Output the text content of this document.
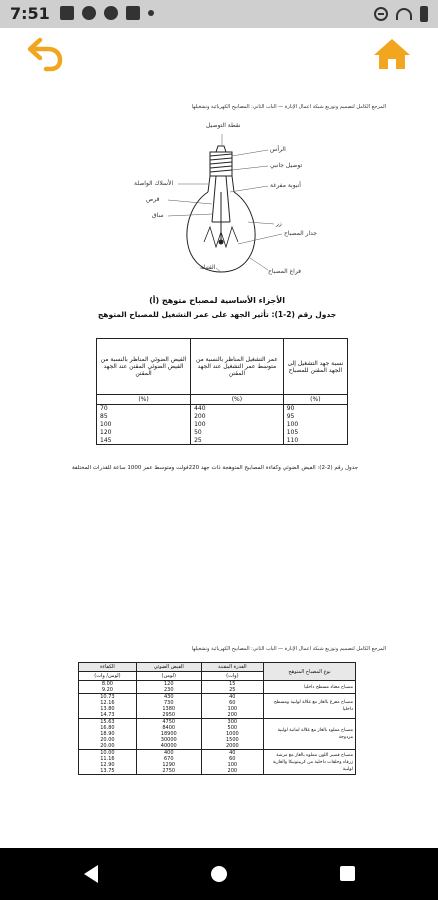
7:51
المرجع الكامل لتصميم وتوزيع شبكة أعمال الإنارة — الباب الثاني: المصابيح الكهربائية وتشغيلها
نقطة التوصيل
الرأس
توصيل جانبي
أنبوبة مفرغة
الأسلاك الواصلة
قرص
ساق
زر
جدار المصباح
الفتيلة
فراغ المصباح
(أ) الأجزاء الأساسية لمصباح متوهج
جدول رقم (2-1): تأثير الجهد على عمر التشغيل للمصباح المتوهج
الفيض الضوئي المناظر بالنسبة من الفيض الضوئي المقنن عند الجهد المقنن	عمر التشغيل المناظر بالنسبة من متوسط عمر التشغيل عند الجهد المقنن	نسبة جهد التشغيل إلى الجهد المقنن للمصباح
(%)	(%)	(%)
70	440	90
85	200	95
100	100	100
120	50	105
145	25	110
جدول رقم (2-2): الفيض الضوئي وكفاءة المصابيح المتوهجة ذات جهد 220فولت ومتوسط عمر 1000 ساعة للقدرات المختلفة
المرجع الكامل لتصميم وتوزيع شبكة أعمال الإنارة — الباب الثاني: المصابيح الكهربائية وتشغيلها
الكفاءة	الفيض الضوئي	القدرة المقننة	نوع المصباح المتوهج
(لومن/ وات)	(لومن)	(وات)	
8.00	120	15	مصباح معتاد مسطح داخليا
9.20	230	25	
10.73	430	40	مصباح مفرغ بالغاز مع غلالة لولبية ومسطح داخليا
12.16	730	60	
13.80	1380	100	
14.73	2950	200	
15.63	4750	300	مصباح مملوء بالغاز مع غلالة لمانية لولبية مزدوجة
16.80	8400	500	
18.90	18900	1000	
20.00	30000	1500	
20.00	40000	2000	
10.00	400	40	مصباح قصير اللون مملوء بالغاز مع مرشة زرقاء وحلقات داخلية من كريبتونيكا والغازية لولبية
11.16	670	60	
12.90	1290	100	
13.75	2750	200	
